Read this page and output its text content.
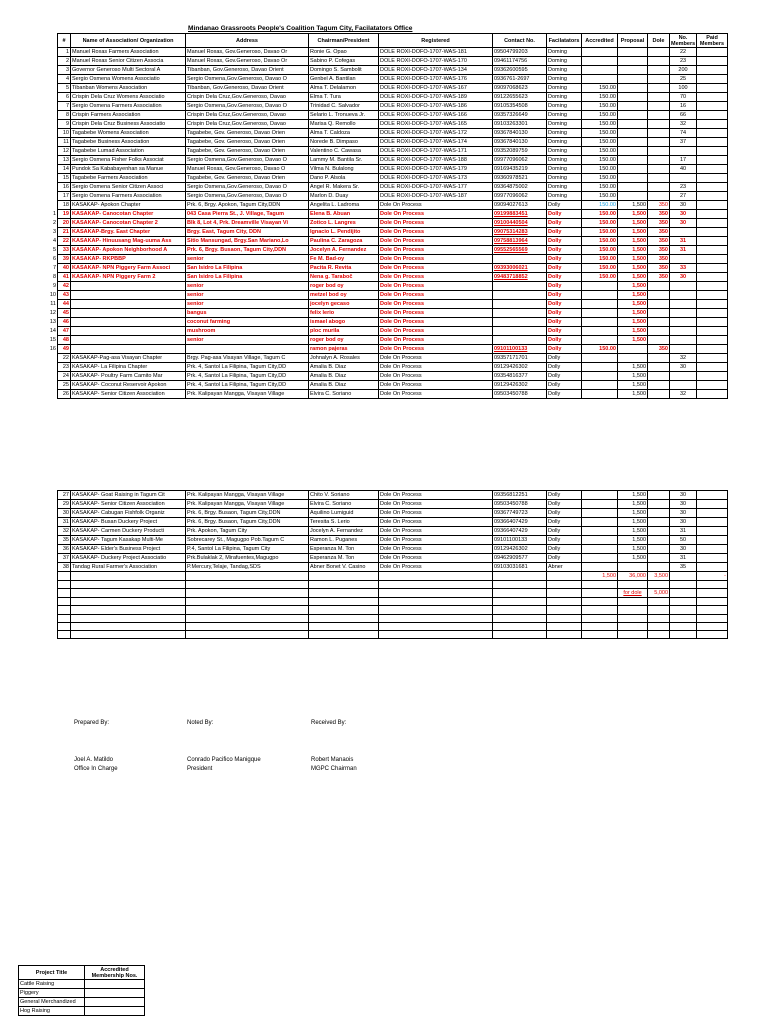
Mindanao Grassroots People's Coalition Tagum City, Facilatators Office
1
2
3
4
5
6
7
8
9
10
11
12
13
14
15
16
#	Name of Association/ Organization	Address	Chairman/President	Registered	Contact No.	Facilatators	Accredited	Proposal	Dole	No. Members	Paid Members
1	Manuel Roxas Farmers Association	Manuel Roxas, Gov.Generoso, Davao Or	Ronie G. Opao	DOLE ROXI-DOFO-1707-WAS-181	09504799203	Doming				22	
2	Manuel Roxas Senior Citizen Associa	Manuel Roxas, Gov.Generoso, Davao Or	Sabino P. Cofegas	DOLE ROXI-DOFO-1707-WAS-170	09461174756	Doming				23	
3	Governor Generoso Multi Sectoral A	Tibanban, Gov.Generoso, Davao Orient	Domingo S. Sambolit	DOLE ROXI-DOFO-1707-WAS-134	09362600595	Doming				200	
4	Sergio Osmena Womens Associatio	Sergio Osmena,Gov.Generoso, Davao O	Genbel A. Bantilan	DOLE ROXI-DOFO-1707-WAS-176	0936761-2697	Doming				25	
5	Tibanban Womens Association	Tibanban, Gov.Generoso, Davao Orient	Alma T. Delalamon	DOLE ROXI-DOFO-1707-WAS-167	09097068623	Doming	150.00			100	
6	Crispin Dela Cruz Womens Associatio	Crispin Dela Cruz,Gov.Generoso, Davao	Elma T. Tura	DOLE ROXI-DOFO-1707-WAS-189	09122655623	Doming	150.00			70	
7	Sergio Osmena Farmers Association	Sergio Osmena,Gov.Generoso, Davao O	Trinidad C. Salvador	DOLE ROXI-DOFO-1707-WAS-186	09105354508	Doming	150.00			16	
8	Crispin Farmers Association	Crispin Dela Cruz,Gov.Generoso, Davao	Selario L. Tronueva Jr.	DOLE ROXI-DOFO-1707-WAS-166	09357326649	Doming	150.00			66	
9	Crispin Dela Cruz Business Associatio	Crispin Dela Cruz,Gov.Generoso, Davao	Marisa Q. Remollo	DOLE ROXI-DOFO-1707-WAS-165	09103263301	Doming	150.00			32	
10	Tagabebe Womens Association	Tagabebe, Gov. Generoso, Davao Orien	Alma T. Caldoza	DOLE ROXI-DOFO-1707-WAS-172	09367840130	Doming	150.00			74	
11	Tagabebe Business Association	Tagabebe, Gov. Generoso, Davao Orien	Norede B. Dimpaso	DOLE ROXI-DOFO-1707-WAS-174	09367840130	Doming	150.00			37	
12	Tagabebe Lumad Association	Tagabebe, Gov. Generoso, Davao Orien	Valentino C. Cawasa	DOLE ROXI-DOFO-1707-WAS-171	09352089759	Doming	150.00				
13	Sergio Osmena Fisher Folks Associat	Sergio Osmena,Gov.Generoso, Davao O	Lammy M. Bantila Sr.	DOLE ROXI-DOFO-1707-WAS-188	09977096062	Doming	150.00			17	
14	Pundok Sa Kababayenhan sa Manue	Manuel Roxas, Gov.Generoso, Davao O	Vilma N. Bulalong	DOLE ROXI-DOFO-1707-WAS-179	09169435219	Doming	150.00			40	
15	Tagabebe Farmers Association	Tagabebe, Gov. Generoso, Davao Orien	Dano P. Alsola	DOLE ROXI-DOFO-1707-WAS-173	09360978521	Doming	150.00				
16	Sergio Osmena Senior Citizen Associ	Sergio Osmena,Gov.Generoso, Davao O	Angel R. Makera Sr.	DOLE ROXI-DOFO-1707-WAS-177	09364875002	Doming	150.00			23	
17	Sergio Osmena Farmers Association	Sergio Osmena,Gov.Generoso, Davao O	Marlon D. Duay	DOLE ROXI-DOFO-1707-WAS-187	09977096062	Doming	150.00			27	
18	KASAKAP- Apokon Chapter	Prk. 6, Brgy. Apokon, Tagum City,DDN	Angelita L. Ladroma	Dole On Process	09094027613	Dolly	150.00	1,500	350	30	
19	KASAKAP- Canocotan Chapter	043 Casa Pierra St., J. Village, Tagum	Elena B. Abuan	Dole On Process	09199883451	Dolly	150.00	1,500	350	30	
20	KASAKAP- Canocotan Chapter 2	Blk 8, Lot 4, Prk. Dreamville Visayan Vi	Zotico L. Langres	Dole On Process	09100440504	Dolly	150.00	1,500	350	30	
21	KASAKAP-Brgy. East Chapter	Brgy. East, Tagum City, DDN	Ignacio L. Pendijito	Dole On Process	09075314283	Dolly	150.00	1,500	350		
22	KASAKAP- Hinuusang Mag-uuma Ass	Sitio Mansungad, Brgy.San Mariano,Lo	Paulina C. Zaragoza	Dole On Process	09758813964	Dolly	150.00	1,500	350	31	
33	KASAKAP- Apokon Neighborhood A	Prk. 6, Brgy. Busaon, Tagum City,DDN	Jocelyn A. Fernandez	Dole On Process	09552565569	Dolly	150.00	1,500	350	31	
39	KASAKAP- RKPBBP	senior	Fe M. Bad-oy	Dole On Process		Dolly	150.00	1,500	350		
40	KASAKAP- NPN Piggery Farm Associ	San Isidro La Filipina	Pacita R. Revita	Dole On Process	09393006021	Dolly	150.00	1,500	350	33	
41	KASAKAP- NPN Piggery Farm 2	San Isidro La Filipina	Nena g. Taraboč	Dole On Process	09483718852	Dolly	150.00	1,500	350	30	
42		senior	roger bod oy	Dole On Process		Dolly		1,500			
43		senior	metzel bod oy	Dole On Process		Dolly		1,500			
44		senior	jocelyn gecaso	Dole On Process		Dolly		1,500			
45		bangus	felix lerio	Dole On Process		Dolly		1,500			
46		coconut farming	ismael abogo	Dole On Process		Dolly		1,500			
47		mushroom	ploc murila	Dole On Process		Dolly		1,500			
48		senior	roger bod oy	Dole On Process		Dolly		1,500			
49			ramon pajeras	Dole On Process	09101100133	Dolly	150.00		350		
22	KASAKAP-Pag-asa Visayan Chapter	Brgy. Pag-asa Visayan Village, Tagum C	Johnalyn A. Rosales	Dole On Process	09357171701	Dolly				32	
23	KASAKAP- La Filipina Chapter	Prk. 4, Santol La Filipina, Tagum City,DD	Amalia B. Diaz	Dole On Process	09129426302	Dolly		1,500		30	
24	KASAKAP- Poultry Farm Camito Mar	Prk. 4, Santol La Filipina, Tagum City,DD	Amalia B. Diaz	Dole On Process	09354816377	Dolly		1,500			
25	KASAKAP- Coconut Reservoir Apokon	Prk. 4, Santol La Filipina, Tagum City,DD	Amalia B. Diaz	Dole On Process	09129426302	Dolly		1,500			
26	KASAKAP- Senior Citizen Association	Prk. Kalipayan Mangga, Visayan Village	Elvira C. Soriano	Dole On Process	09503450788	Dolly		1,500		32	
27	KASAKAP- Goat Raising in Tagum Cit	Prk. Kalipayan Mangga, Visayan Village	Chito V. Soriano	Dole On Process	09356812251	Dolly		1,500		30	
29	KASAKAP- Senior Citizen Association	Prk. Kalipayan Mangga, Visayan Village	Elvira C. Soriano	Dole On Process	09503450788	Dolly		1,500		30	
30	KASAKAP- Cabugan Fishfolk Organiz	Prk. 6, Brgy. Busaon, Tagum City,DDN	Aquilino Lumiguid	Dole On Process	09367749723	Dolly		1,500		30	
31	KASAKAP- Busan Duckery Project	Prk. 6, Brgy. Busaon, Tagum City,DDN	Teresita S. Lerio	Dole On Process	09366407429	Dolly		1,500		30	
32	KASAKAP- Carmen Duckery Producti	Prk. Apokon, Tagum City	Jocelyn A. Fernandez	Dole On Process	09366407429	Dolly		1,500		31	
35	KASAKAP- Tagum Kasakap Multi-Me	Sobrecarey St., Magugpo Pob.Tagum C	Ramon L. Puganes	Dole On Process	09101100133	Dolly		1,500		50	
36	KASAKAP- Elder's Business Project	P.4, Santol La Filipina, Tagum City	Esperanza M. Ton	Dole On Process	09129426302	Dolly		1,500		30	
37	KASAKAP- Duckery Project Associatio	Prk.Bulaklak 2, Mirafuentes,Magugpo	Esperanza M. Ton	Dole On Process	09462909577	Dolly		1,500		31	
38	Tandag Rural Farmer's Association	P.Mercury,Telaje, Tandag,SDS	Abner Bonet V. Casino	Dole On Process	09103031681	Abner				35	
							1,500	36,000	3,500		-

								for dole	5,000		

Prepared By:	Noted By:	Received By:
Joel A. Matildo
Office In Charge
Conrado Pacifico Manigque
President
Robert Manaois
MGPC Chairman
Project Title	Accredited Membership Nos.
Cattle Raising	
Piggery	
General Merchandized	
Hog Raising	
